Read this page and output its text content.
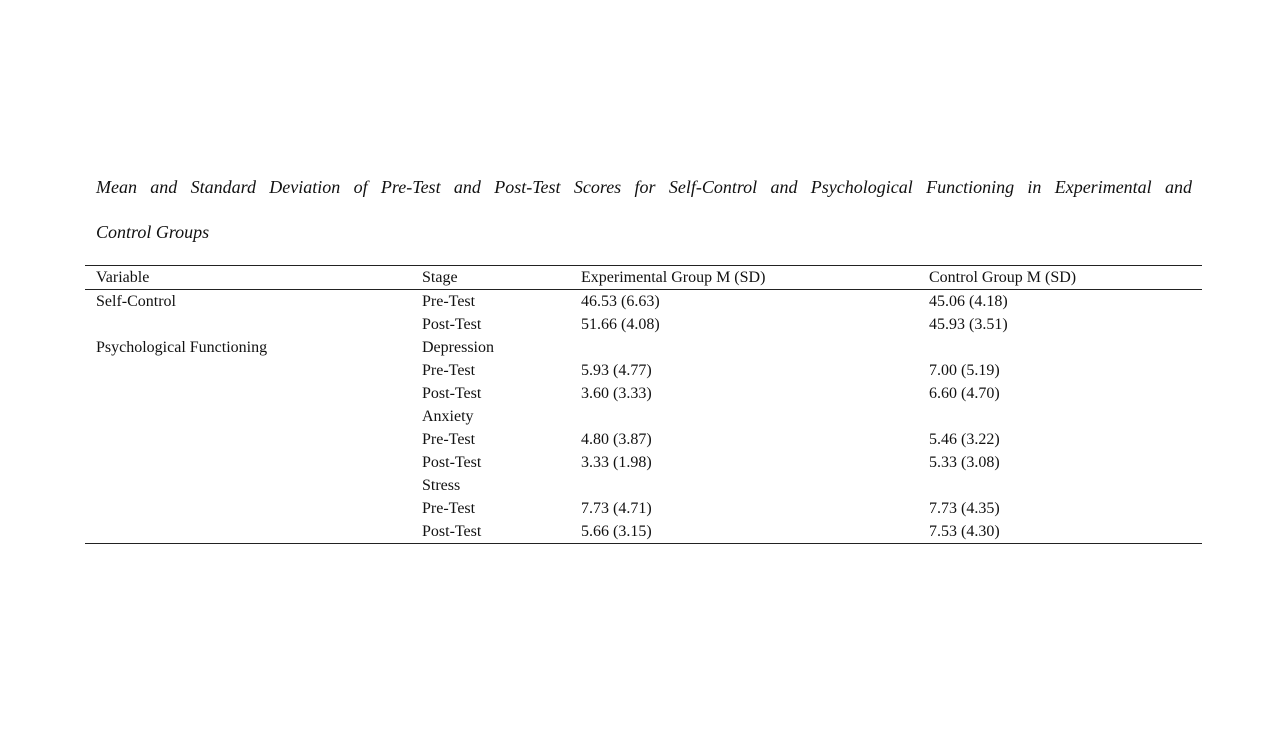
Mean and Standard Deviation of Pre-Test and Post-Test Scores for Self-Control and Psychological Functioning in Experimental and
Control Groups
Variable	Stage	Experimental Group M (SD)	Control Group M (SD)
Self-Control	Pre-Test	46.53 (6.63)	45.06 (4.18)
	Post-Test	51.66 (4.08)	45.93 (3.51)
Psychological Functioning	Depression		
	Pre-Test	5.93 (4.77)	7.00 (5.19)
	Post-Test	3.60 (3.33)	6.60 (4.70)
	Anxiety		
	Pre-Test	4.80 (3.87)	5.46 (3.22)
	Post-Test	3.33 (1.98)	5.33 (3.08)
	Stress		
	Pre-Test	7.73 (4.71)	7.73 (4.35)
	Post-Test	5.66 (3.15)	7.53 (4.30)
